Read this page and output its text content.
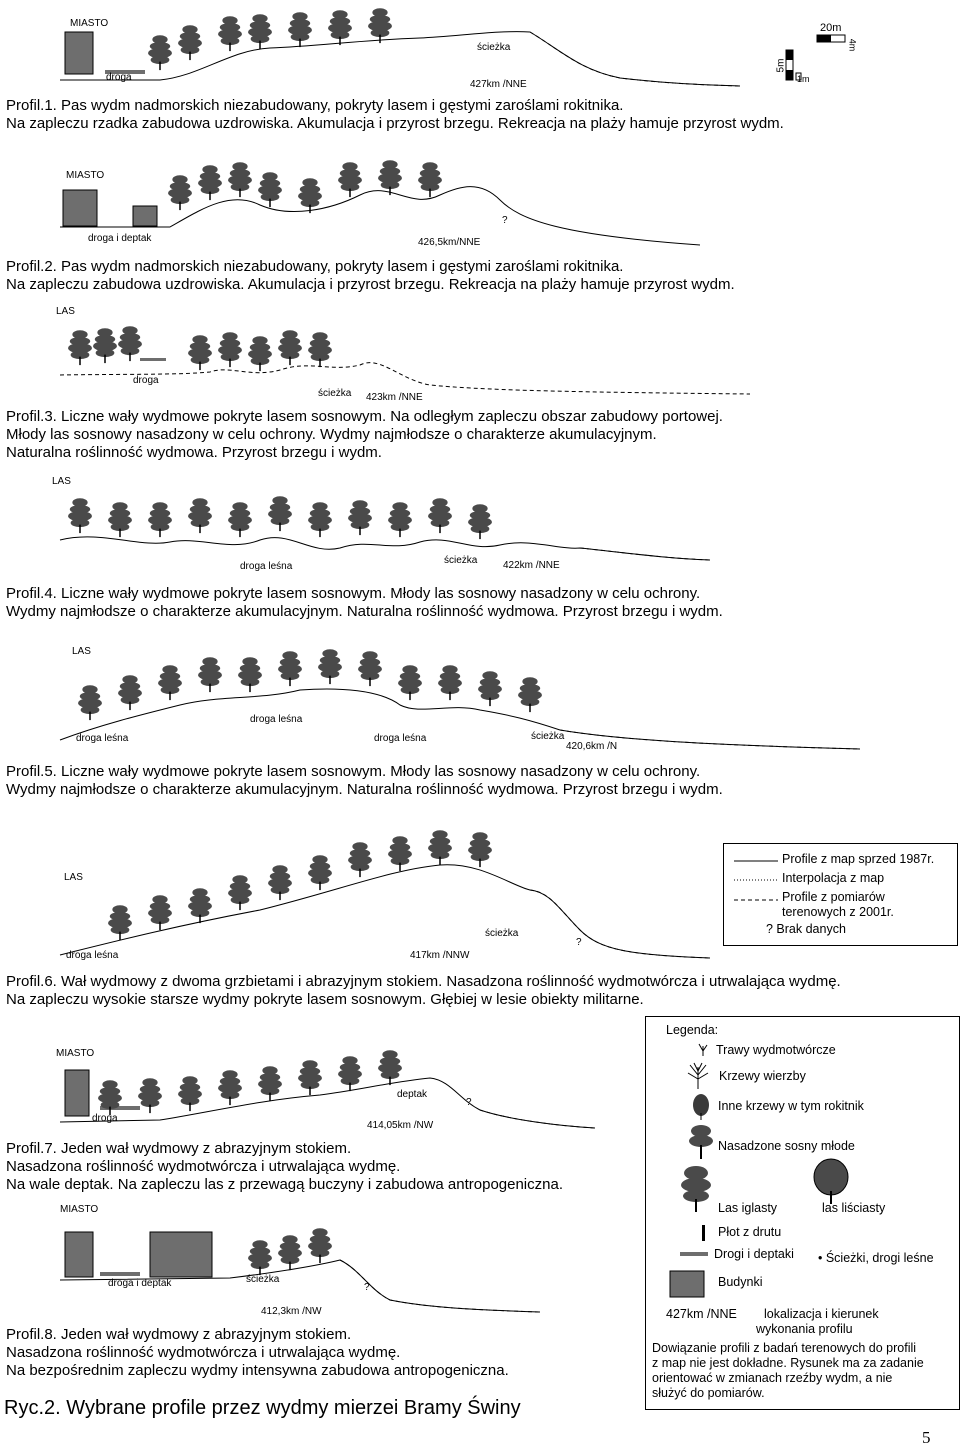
20m
4m
5m
1m
MIASTO
droga
ścieżka
427km /NNE
Profil.1. Pas wydm nadmorskich niezabudowany, pokryty lasem i gęstymi zaroślami rokitnika.
Na zapleczu rzadka zabudowa uzdrowiska. Akumulacja i przyrost brzegu. Rekreacja na plaży hamuje przyrost wydm.
MIASTO
droga i deptak
?
426,5km/NNE
Profil.2. Pas wydm nadmorskich niezabudowany, pokryty lasem i gęstymi zaroślami rokitnika.
Na zapleczu zabudowa uzdrowiska. Akumulacja i przyrost brzegu. Rekreacja na plaży hamuje przyrost wydm.
LAS
droga
ścieżka 423km /NNE
Profil.3. Liczne wały wydmowe pokryte lasem sosnowym. Na odległym zapleczu obszar zabudowy portowej.
Młody las sosnowy nasadzony w celu ochrony. Wydmy najmłodsze o charakterze akumulacyjnym.
Naturalna roślinność wydmowa. Przyrost brzegu i wydm.
LAS
droga leśna
ścieżka	422km /NNE
Profil.4. Liczne wały wydmowe pokryte lasem sosnowym. Młody las sosnowy nasadzony w celu ochrony.
Wydmy najmłodsze o charakterze akumulacyjnym. Naturalna roślinność wydmowa. Przyrost brzegu i wydm.
LAS
droga leśna
droga leśna
droga leśna	ścieżka
420,6km /N
Profil.5. Liczne wały wydmowe pokryte lasem sosnowym. Młody las sosnowy nasadzony w celu ochrony.
Wydmy najmłodsze o charakterze akumulacyjnym. Naturalna roślinność wydmowa. Przyrost brzegu i wydm.
Profile z map sprzed 1987r.
Interpolacja z map
Profile z pomiarów
terenowych z 2001r.
? Brak danych
LAS
droga leśna
ścieżka
?
417km /NNW
Profil.6. Wał wydmowy z dwoma grzbietami i abrazyjnym stokiem. Nasadzona roślinność wydmotwórcza i utrwalająca wydmę.
Na zapleczu wysokie starsze wydmy pokryte lasem sosnowym. Głębiej w lesie obiekty militarne.
MIASTO
droga
deptak
?
414,05km /NW
Profil.7. Jeden wał wydmowy z abrazyjnym stokiem.
Nasadzona roślinność wydmotwórcza i utrwalająca wydmę.
Na wale deptak. Na zapleczu las z przewagą buczyny i zabudowa antropogeniczna.
MIASTO
droga i deptak	ścieżka
?
412,3km /NW
Profil.8. Jeden wał wydmowy z abrazyjnym stokiem.
Nasadzona roślinność wydmotwórcza i utrwalająca wydmę.
Na bezpośrednim zapleczu wydmy intensywna zabudowa antropogeniczna.
Legenda:
Trawy wydmotwórcze
Krzewy wierzby
Inne krzewy w tym rokitnik
Nasadzone sosny młode
Las iglasty	las liściasty
Płot z drutu
Drogi i deptaki • Ścieżki, drogi leśne
Budynki
427km /NNE lokalizacja i kierunek
wykonania profilu
Dowiązanie profili z badań terenowych do profili
z map nie jest dokładne. Rysunek ma za zadanie
orientować w zmianach rzeźby wydm, a nie
służyć do pomiarów.
Ryc.2. Wybrane profile przez wydmy mierzei Bramy Świny
5
